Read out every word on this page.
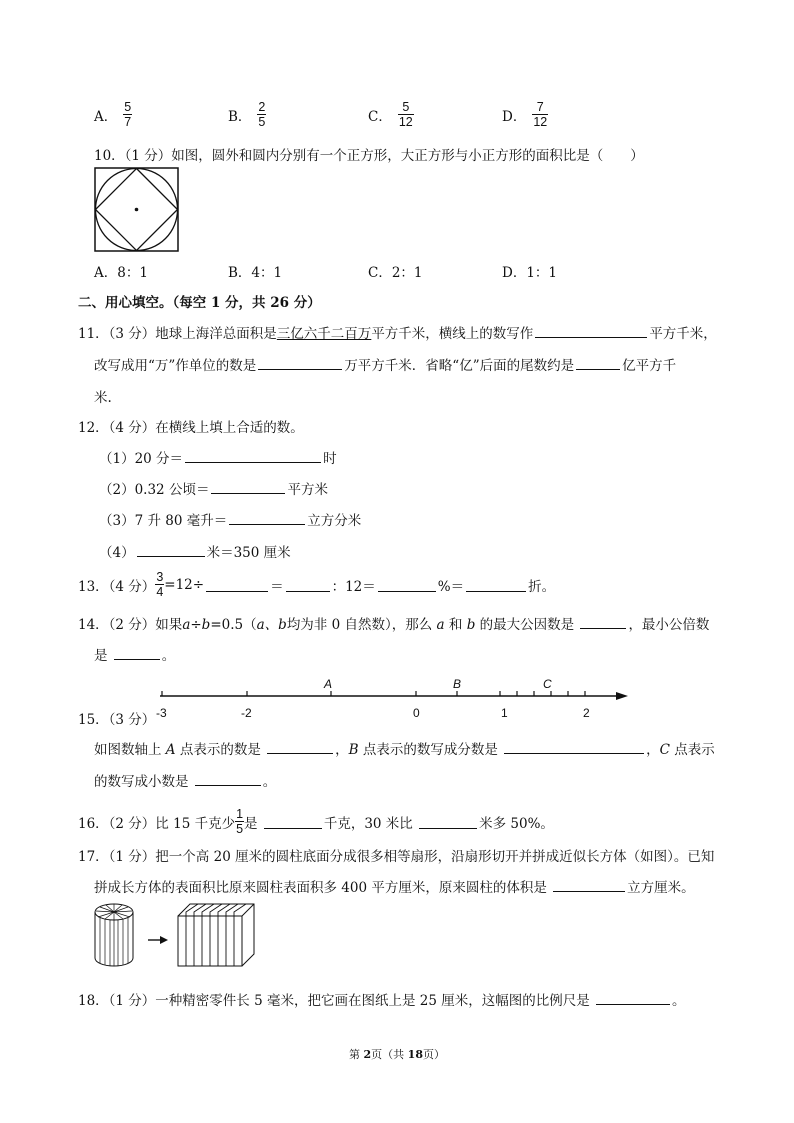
A． $\frac{5}{7}$	B． $\frac{2}{5}$	C． $\frac{5}{12}$	D． $\frac{7}{12}$
10．（1 分）如图，圆外和圆内分别有一个正方形，大正方形与小正方形的面积比是（　　）
A．8：1	B．4：1	C．2：1	D．1：1
二、用心填空。（每空 1 分，共 26 分）
11．（3 分）地球上海洋总面积是三亿六千二百万平方千米，横线上的数写作	平方千米，
改写成用“万”作单位的数是	万平方千米．省略“亿”后面的尾数约是	亿平方千
米.
12．（4 分）在横线上填上合适的数。
（1）20 分＝	时
（2）0.32 公顷＝	平方米
（3）7 升 80 毫升＝	立方分米
（4）	米＝350 厘米
13．（4 分） $\frac{3}{4} =12\div$	＝	：12＝	%＝	折。
14．（2 分）如果a÷b=0.5（a、b均为非 0 自然数），那么 a 和 b 的最大公因数是	，最小公倍数
是	。
A	B	C
-3	-2	0	1	2
15．（3 分）
如图数轴上 A 点表示的数是	，B 点表示的数写成分数是	，C 点表示
的数写成小数是	。
16．（2 分）比 15 千克少 $\frac{1}{5}$ 是
	千克，30 米比
	米多 50%。
17．（1 分）把一个高 20 厘米的圆柱底面分成很多相等扇形，沿扇形切开并拼成近似长方体（如图）。已知
拼成长方体的表面积比原来圆柱表面积多 400 平方厘米，原来圆柱的体积是	立方厘米。
18．（1 分）一种精密零件长 5 毫米，把它画在图纸上是 25 厘米，这幅图的比例尺是	。
第 2页（共 18页）
